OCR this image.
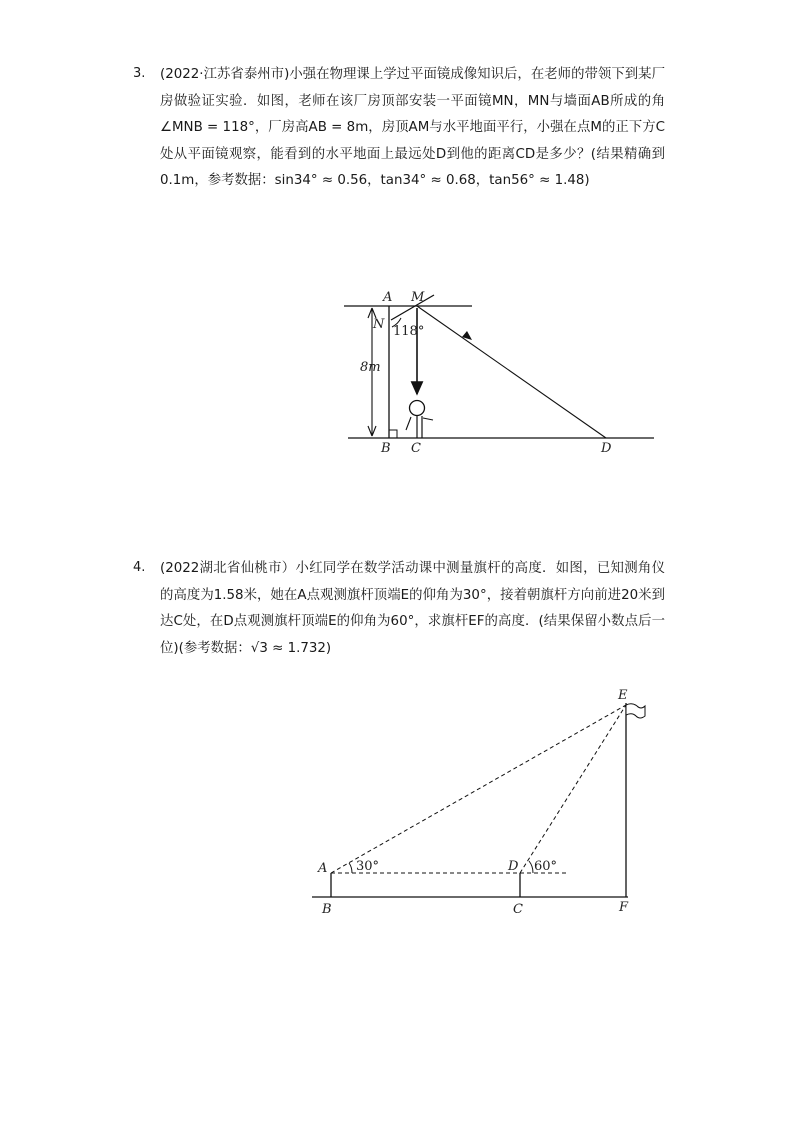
3. (2022·江苏省泰州市)小强在物理课上学过平面镜成像知识后，在老师的带领下到某厂房做验证实验．如图，老师在该厂房顶部安装一平面镜MN，MN与墙面AB所成的角∠MNB = 118°，厂房高AB = 8m，房顶AM与水平地面平行，小强在点M的正下方C处从平面镜观察，能看到的水平地面上最远处D到他的距离CD是多少？(结果精确到0.1m，参考数据：sin34° ≈ 0.56，tan34° ≈ 0.68，tan56° ≈ 1.48)
A M
N 118°
8m
B C	D
E
A 30°	D 60°
B	C	F
4. (2022湖北省仙桃市）小红同学在数学活动课中测量旗杆的高度．如图，已知测角仪的高度为1.58米，她在A点观测旗杆顶端E的仰角为30°，接着朝旗杆方向前进20米到达C处，在D点观测旗杆顶端E的仰角为60°，求旗杆EF的高度．(结果保留小数点后一位)(参考数据：√3 ≈ 1.732)
